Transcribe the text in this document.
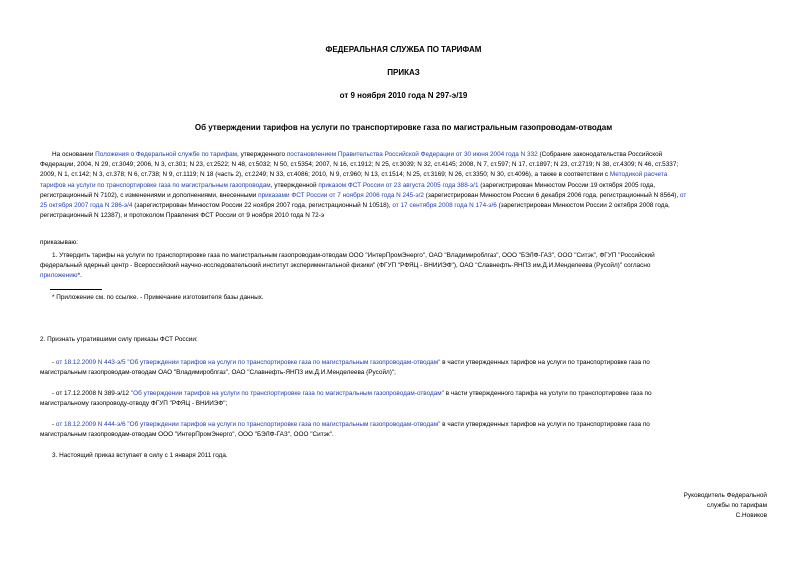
ФЕДЕРАЛЬНАЯ СЛУЖБА ПО ТАРИФАМ
ПРИКАЗ
от 9 ноября 2010 года N 297-э/19
Об утверждении тарифов на услуги по транспортировке газа по магистральным газопроводам-отводам
На основании Положения о Федеральной службе по тарифам, утвержденного постановлением Правительства Российской Федерации от 30 июня 2004 года N 332 (Собрание законодательства Российской
Федерации, 2004, N 29, ст.3049; 2006, N 3, ст.301; N 23, ст.2522; N 48, ст.5032; N 50, ст.5354; 2007, N 16, ст.1912; N 25, ст.3039; N 32, ст.4145; 2008, N 7, ст.597; N 17, ст.1897; N 23, ст.2719; N 38, ст.4309; N 46, ст.5337;
2009, N 1, ст.142; N 3, ст.378; N 6, ст.738; N 9, ст.1119; N 18 (часть 2), ст.2249; N 33, ст.4086; 2010, N 9, ст.960; N 13, ст.1514; N 25, ст.3169; N 26, ст.3350; N 30, ст.4096), а также в соответствии с Методикой расчета
тарифов на услуги по транспортировке газа по магистральным газопроводам, утвержденной приказом ФСТ России от 23 августа 2005 года 388-э/1 (зарегистрирован Минюстом России 19 октября 2005 года,
регистрационный N 7102), с изменениями и дополнениями, внесенными приказами ФСТ России от 7 ноября 2006 года N 245-э/2 (зарегистрирован Минюстом России 6 декабря 2006 года, регистрационный N 8564), от
25 октября 2007 года N 286-э/4 (зарегистрирован Минюстом России 22 ноября 2007 года, регистрационный N 10518), от 17 сентября 2008 года N 174-э/6 (зарегистрирован Минюстом России 2 октября 2008 года,
регистрационный N 12387), и протоколом Правления ФСТ России от 9 ноября 2010 года N 72-э
приказываю:
1. Утвердить тарифы на услуги по транспортировке газа по магистральным газопроводам-отводам ООО "ИнтерПромЭнерго", ОАО "Владимироблгаз", ООО "БЭЛФ-ГАЗ", ООО "Ситэк", ФГУП "Российский
федеральный ядерный центр - Всероссийский научно-исследовательский институт экспериментальной физики" (ФГУП "РФЯЦ - ВНИИЭФ"), ОАО "Славнефть-ЯНПЗ им.Д.И.Менделеева (Русойл)" согласно
приложению*.
* Приложение см. по ссылке. - Примечание изготовителя базы данных.
2. Признать утратившими силу приказы ФСТ России:
- от 18.12.2009 N 443-э/5 "Об утверждении тарифов на услуги по транспортировке газа по магистральным газопроводам-отводам" в части утвержденных тарифов на услуги по транспортировке газа по
магистральным газопроводам-отводам ОАО "Владимироблгаз", ОАО "Славнефть-ЯНПЗ им.Д.И.Менделеева (Русойл)";
- от 17.12.2008 N 389-э/12 "Об утверждении тарифов на услуги по транспортировке газа по магистральным газопроводам-отводам" в части утвержденного тарифа на услуги по транспортировке газа по
магистральному газопроводу-отводу ФГУП "РФЯЦ - ВНИИЭФ";
- от 18.12.2009 N 444-э/6 "Об утверждении тарифов на услуги по транспортировке газа по магистральным газопроводам-отводам" в части утвержденных тарифов на услуги по транспортировке газа по
магистральным газопроводам-отводам ООО "ИнтерПромЭнерго", ООО "БЭЛФ-ГАЗ", ООО "Ситэк".
3. Настоящий приказ вступает в силу с 1 января 2011 года.
Руководитель Федеральной
службы по тарифам
С.Новиков
